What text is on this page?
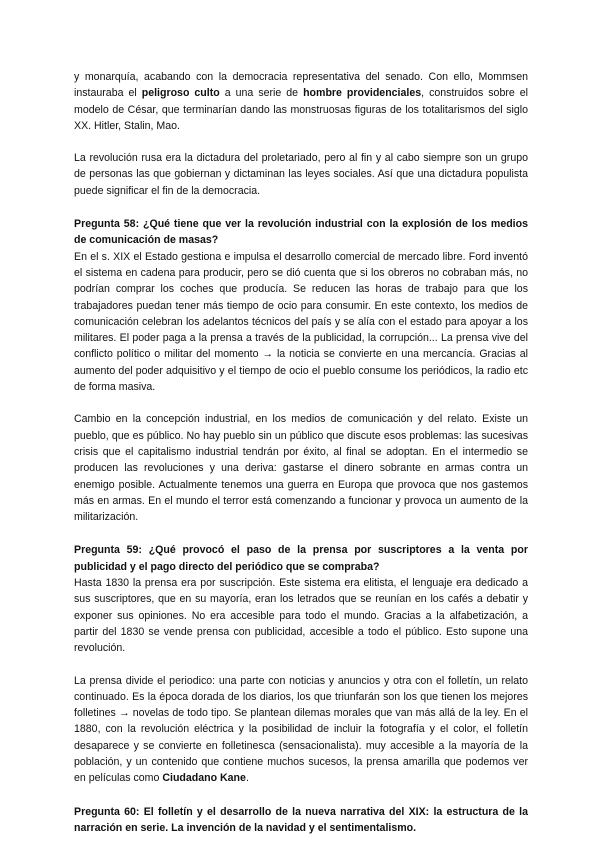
y monarquía, acabando con la democracia representativa del senado. Con ello, Mommsen instauraba el peligroso culto a una serie de hombre providenciales, construidos sobre el modelo de César, que terminarían dando las monstruosas figuras de los totalitarismos del siglo XX. Hitler, Stalin, Mao.

La revolución rusa era la dictadura del proletariado, pero al fin y al cabo siempre son un grupo de personas las que gobiernan y dictaminan las leyes sociales. Así que una dictadura populista puede significar el fin de la democracia.

Pregunta 58: ¿Qué tiene que ver la revolución industrial con la explosión de los medios de comunicación de masas?

En el s. XIX el Estado gestiona e impulsa el desarrollo comercial de mercado libre. Ford inventó el sistema en cadena para producir, pero se dió cuenta que si los obreros no cobraban más, no podrían comprar los coches que producía. Se reducen las horas de trabajo para que los trabajadores puedan tener más tiempo de ocio para consumir. En este contexto, los medios de comunicación celebran los adelantos técnicos del país y se alía con el estado para apoyar a los militares. El poder paga a la prensa a través de la publicidad, la corrupción... La prensa vive del conflicto político o militar del momento → la noticia se convierte en una mercancía. Gracias al aumento del poder adquisitivo y el tiempo de ocio el pueblo consume los periódicos, la radio etc de forma masiva.

Cambio en la concepción industrial, en los medios de comunicación y del relato. Existe un pueblo, que es público. No hay pueblo sin un público que discute esos problemas: las sucesivas crisis que el capitalismo industrial tendrán por éxito, al final se adoptan. En el intermedio se producen las revoluciones y una deriva: gastarse el dinero sobrante en armas contra un enemigo posible. Actualmente tenemos una guerra en Europa que provoca que nos gastemos más en armas. En el mundo el terror está comenzando a funcionar y provoca un aumento de la militarización.

Pregunta 59: ¿Qué provocó el paso de la prensa por suscriptores a la venta por publicidad y el pago directo del periódico que se compraba?

Hasta 1830 la prensa era por suscripción. Este sistema era elitista, el lenguaje era dedicado a sus suscriptores, que en su mayoría, eran los letrados que se reunían en los cafés a debatir y exponer sus opiniones. No era accesible para todo el mundo. Gracias a la alfabetización, a partir del 1830 se vende prensa con publicidad, accesible a todo el público. Esto supone una revolución.

La prensa divide el periodico: una parte con noticias y anuncios y otra con el folletín, un relato continuado. Es la época dorada de los diarios, los que triunfarán son los que tienen los mejores folletines → novelas de todo tipo. Se plantean dilemas morales que van más allá de la ley. En el 1880, con la revolución eléctrica y la posibilidad de incluir la fotografía y el color, el folletín desaparece y se convierte en folletinesca (sensacionalista). muy accesible a la mayoría de la población, y un contenido que contiene muchos sucesos, la prensa amarilla que podemos ver en películas como Ciudadano Kane.

Pregunta 60: El folletín y el desarrollo de la nueva narrativa del XIX: la estructura de la narración en serie. La invención de la navidad y el sentimentalismo.
